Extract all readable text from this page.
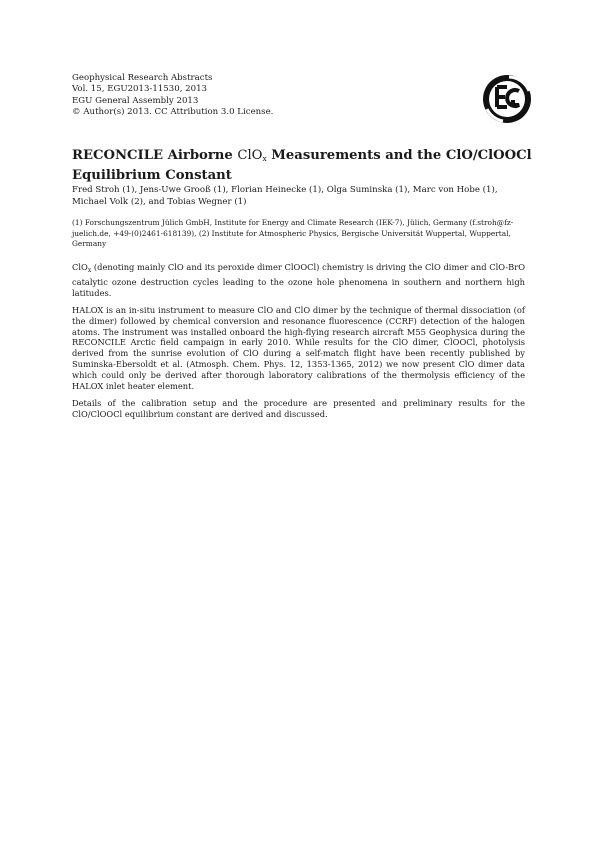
Geophysical Research Abstracts
Vol. 15, EGU2013-11530, 2013
EGU General Assembly 2013
© Author(s) 2013. CC Attribution 3.0 License.
RECONCILE Airborne ClOx Measurements and the ClO/ClOOCl Equilibrium Constant
Fred Stroh (1), Jens-Uwe Grooß (1), Florian Heinecke (1), Olga Suminska (1), Marc von Hobe (1), Michael Volk (2), and Tobias Wegner (1)
(1) Forschungszentrum Jülich GmbH, Institute for Energy and Climate Research (IEK-7), Jülich, Germany (f.stroh@fz-juelich.de, +49-(0)2461-618139), (2) Institute for Atmospheric Physics, Bergische Universität Wuppertal, Wuppertal, Germany

ClO$_x$ (denoting mainly ClO and its peroxide dimer ClOOCl) chemistry is driving the ClO dimer and ClO-BrO catalytic ozone destruction cycles leading to the ozone hole phenomena in southern and northern high latitudes.

HALOX is an in-situ instrument to measure ClO and ClO dimer by the technique of thermal dissociation (of the dimer) followed by chemical conversion and resonance fluorescence (CCRF) detection of the halogen atoms. The instrument was installed onboard the high-flying research aircraft M55 Geophysica during the RECONCILE Arctic field campaign in early 2010. While results for the ClO dimer, ClOOCl, photolysis derived from the sunrise evolution of ClO during a self-match flight have been recently published by Suminska-Ebersoldt et al. (Atmosph. Chem. Phys. 12, 1353-1365, 2012) we now present ClO dimer data which could only be derived after thorough laboratory calibrations of the thermolysis efficiency of the HALOX inlet heater element.

Details of the calibration setup and the procedure are presented and preliminary results for the ClO/ClOOCl equilibrium constant are derived and discussed.
